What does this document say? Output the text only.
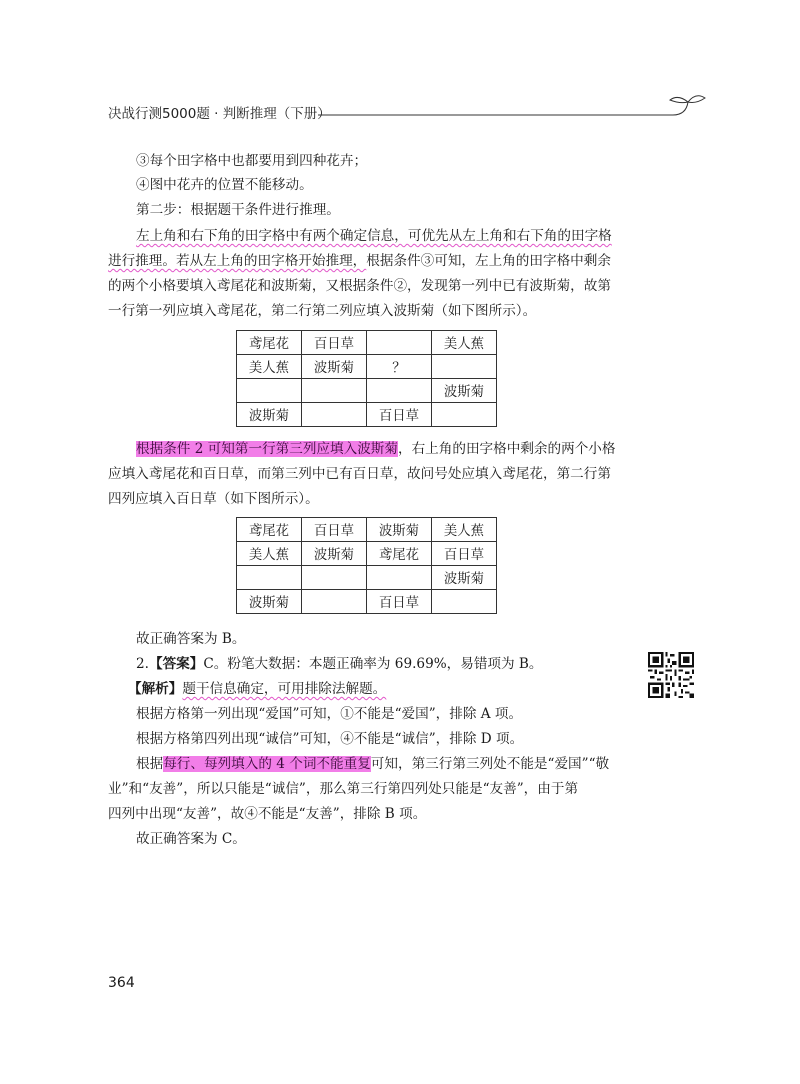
决战行测5000题 · 判断推理（下册）
③每个田字格中也都要用到四种花卉；
④图中花卉的位置不能移动。
第二步：根据题干条件进行推理。
左上角和右下角的田字格中有两个确定信息，可优先从左上角和右下角的田字格
进行推理。若从左上角的田字格开始推理，根据条件③可知，左上角的田字格中剩余
的两个小格要填入鸢尾花和波斯菊，又根据条件②，发现第一列中已有波斯菊，故第
一行第一列应填入鸢尾花，第二行第二列应填入波斯菊（如下图所示）。
鸢尾花	百日草		美人蕉
美人蕉	波斯菊	？	
			波斯菊
波斯菊		百日草	
根据条件 2 可知第一行第三列应填入波斯菊，右上角的田字格中剩余的两个小格
应填入鸢尾花和百日草，而第三列中已有百日草，故问号处应填入鸢尾花，第二行第
四列应填入百日草（如下图所示）。
鸢尾花	百日草	波斯菊	美人蕉
美人蕉	波斯菊	鸢尾花	百日草
			波斯菊
波斯菊		百日草	
故正确答案为 B。
2.【答案】C。粉笔大数据：本题正确率为 69.69%，易错项为 B。
【解析】题干信息确定，可用排除法解题。
根据方格第一列出现“爱国”可知，①不能是“爱国”，排除 A 项。
根据方格第四列出现“诚信”可知，④不能是“诚信”，排除 D 项。
根据每行、每列填入的 4 个词不能重复可知，第三行第三列处不能是“爱国”“敬
业”和“友善”，所以只能是“诚信”，那么第三行第四列处只能是“友善”，由于第
四列中出现“友善”，故④不能是“友善”，排除 B 项。
故正确答案为 C。
364
